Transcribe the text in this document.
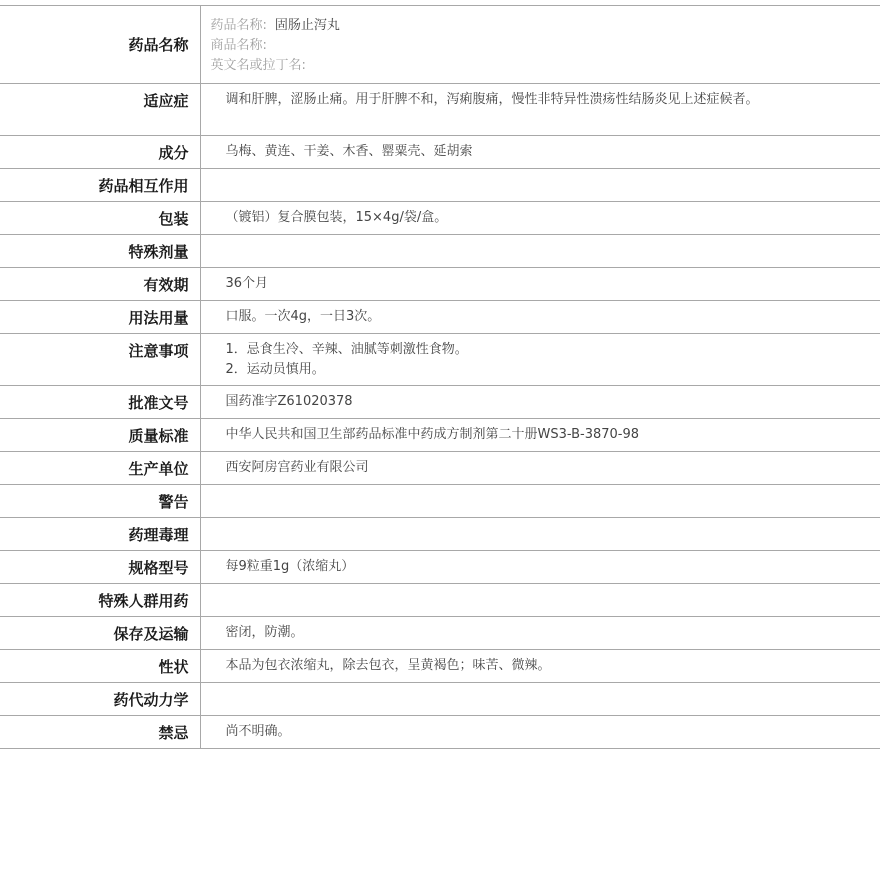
药品名称	药品名称: 固肠止泻丸
商品名称:
英文名或拉丁名:

适应症	调和肝脾，涩肠止痛。用于肝脾不和，泻痢腹痛，慢性非特异性溃疡性结肠炎见上述症候者。
成分	乌梅、黄连、干姜、木香、罂粟壳、延胡索
药品相互作用	
包装	（镀铝）复合膜包装，15×4g/袋/盒。
特殊剂量	
有效期	36个月
用法用量	口服。一次4g，一日3次。
注意事项	1．忌食生冷、辛辣、油腻等刺激性食物。
2．运动员慎用。

批准文号	国药准字Z61020378
质量标准	中华人民共和国卫生部药品标准中药成方制剂第二十册WS3-B-3870-98
生产单位	西安阿房宫药业有限公司
警告	
药理毒理	
规格型号	每9粒重1g（浓缩丸）
特殊人群用药	
保存及运输	密闭，防潮。
性状	本品为包衣浓缩丸，除去包衣，呈黄褐色；味苦、微辣。
药代动力学	
禁忌	尚不明确。
